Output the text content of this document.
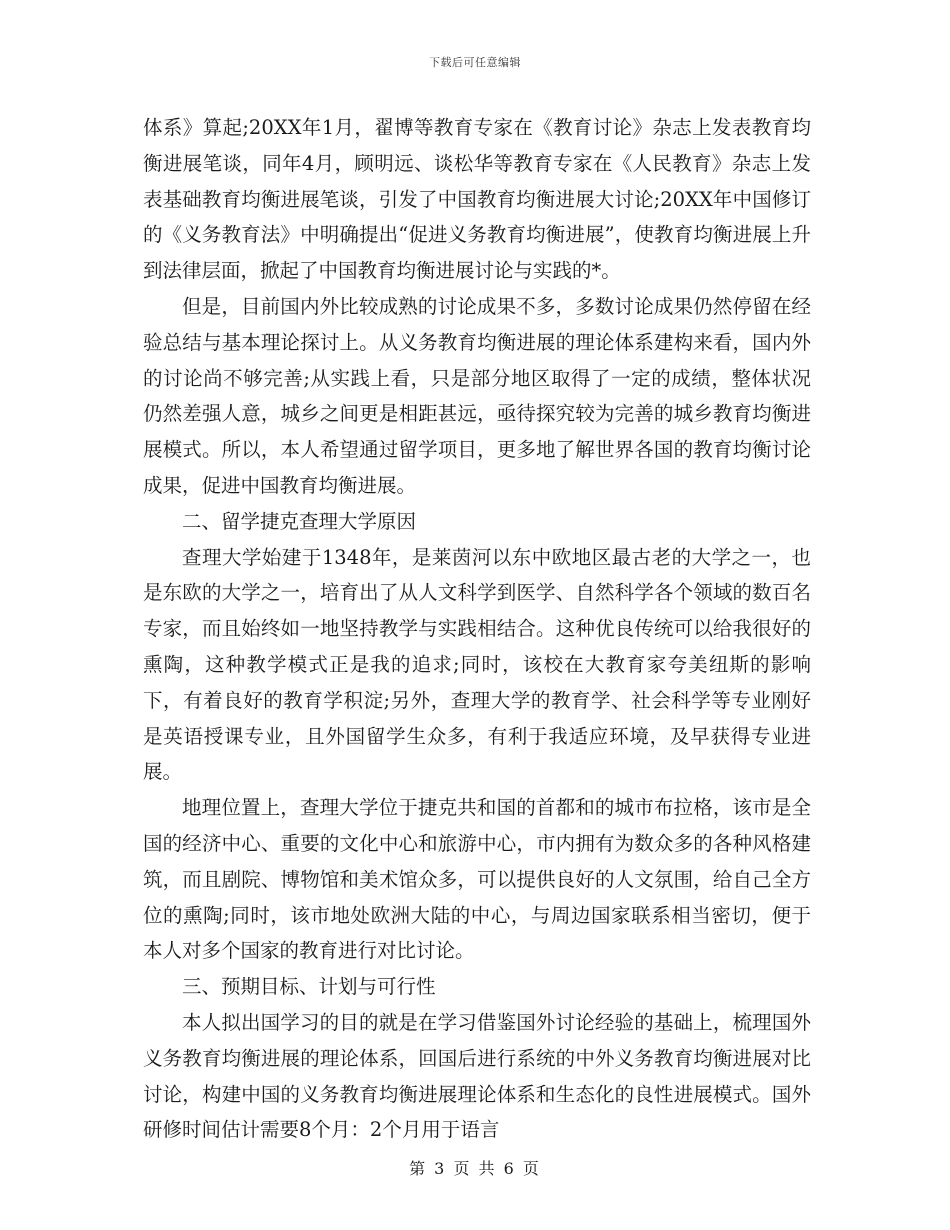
下载后可任意编辑

体系》算起;20XX年1月，翟博等教育专家在《教育讨论》杂志上发表教育均衡进展笔谈，同年4月，顾明远、谈松华等教育专家在《人民教育》杂志上发表基础教育均衡进展笔谈，引发了中国教育均衡进展大讨论;20XX年中国修订的《义务教育法》中明确提出“促进义务教育均衡进展”，使教育均衡进展上升到法律层面，掀起了中国教育均衡进展讨论与实践的*。

但是，目前国内外比较成熟的讨论成果不多，多数讨论成果仍然停留在经验总结与基本理论探讨上。从义务教育均衡进展的理论体系建构来看，国内外的讨论尚不够完善;从实践上看，只是部分地区取得了一定的成绩，整体状况仍然差强人意，城乡之间更是相距甚远，亟待探究较为完善的城乡教育均衡进展模式。所以，本人希望通过留学项目，更多地了解世界各国的教育均衡讨论成果，促进中国教育均衡进展。

二、留学捷克查理大学原因

查理大学始建于1348年，是莱茵河以东中欧地区最古老的大学之一，也是东欧的大学之一，培育出了从人文科学到医学、自然科学各个领域的数百名专家，而且始终如一地坚持教学与实践相结合。这种优良传统可以给我很好的熏陶，这种教学模式正是我的追求;同时，该校在大教育家夸美纽斯的影响下，有着良好的教育学积淀;另外，查理大学的教育学、社会科学等专业刚好是英语授课专业，且外国留学生众多，有利于我适应环境，及早获得专业进展。

地理位置上，查理大学位于捷克共和国的首都和的城市布拉格，该市是全国的经济中心、重要的文化中心和旅游中心，市内拥有为数众多的各种风格建筑，而且剧院、博物馆和美术馆众多，可以提供良好的人文氛围，给自己全方位的熏陶;同时，该市地处欧洲大陆的中心，与周边国家联系相当密切，便于本人对多个国家的教育进行对比讨论。

三、预期目标、计划与可行性

本人拟出国学习的目的就是在学习借鉴国外讨论经验的基础上，梳理国外义务教育均衡进展的理论体系，回国后进行系统的中外义务教育均衡进展对比讨论，构建中国的义务教育均衡进展理论体系和生态化的良性进展模式。国外研修时间估计需要8个月：2个月用于语言

第 3 页 共 6 页
